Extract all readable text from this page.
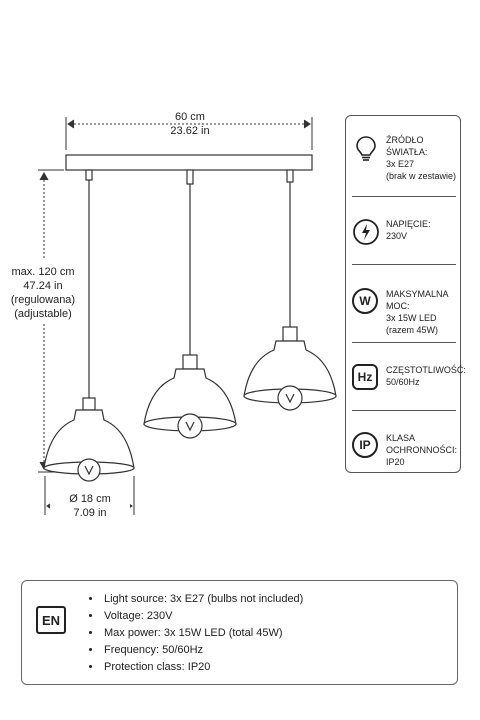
60 cm
23.62 in
max. 120 cm
47.24 in
(regulowana)
(adjustable)
Ø 18 cm
7.09 in
ŹRÓDŁO ŚWIATŁA:
3x E27
(brak w zestawie)
NAPIĘCIE:
230V
W	MAKSYMALNA MOC:
3x 15W LED
(razem 45W)
Hz	CZĘSTOTLIWOŚĆ:
50/60Hz
IP	KLASA OCHRONNOŚCI:
IP20
EN
• Light source: 3x E27 (bulbs not included)
• Voltage: 230V
• Max power: 3x 15W LED (total 45W)
• Frequency: 50/60Hz
• Protection class: IP20
